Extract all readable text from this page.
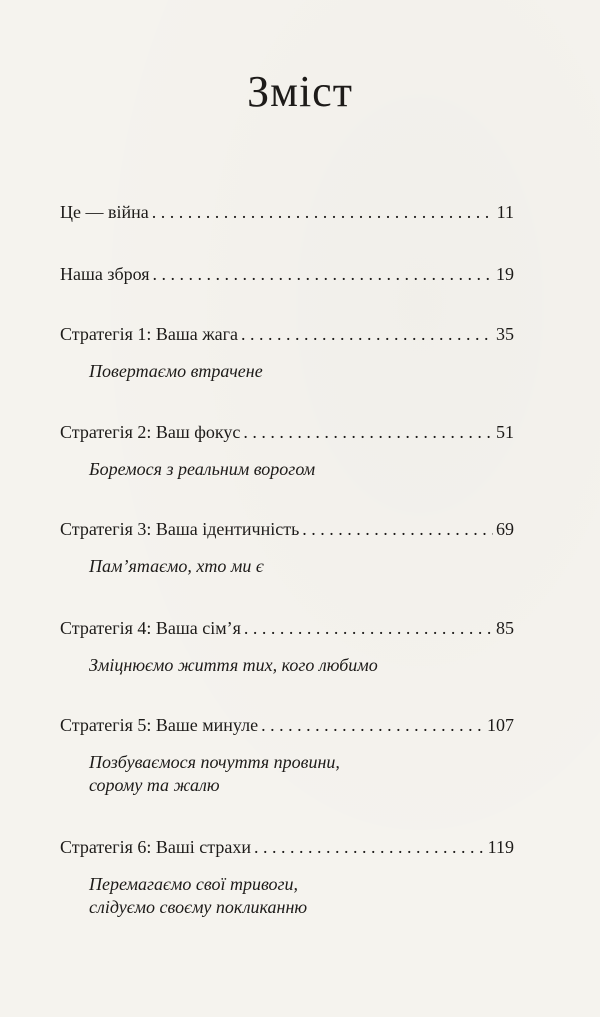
Зміст
Це — війна . . .	11
Наша зброя . . .	19
Стратегія 1: Ваша жага . . .	35
Повертаємо втрачене
Стратегія 2: Ваш фокус . . .	51
Боремося з реальним ворогом
Стратегія 3: Ваша ідентичність . . .	69
Пам’ятаємо, хто ми є
Стратегія 4: Ваша сім’я . . .	85
Зміцнюємо життя тих, кого любимо
Стратегія 5: Ваше минуле . . .	107
Позбуваємося почуття провини,
сорому та жалю
Стратегія 6: Ваші страхи . . .	119
Перемагаємо свої тривоги,
слідуємо своєму покликанню
